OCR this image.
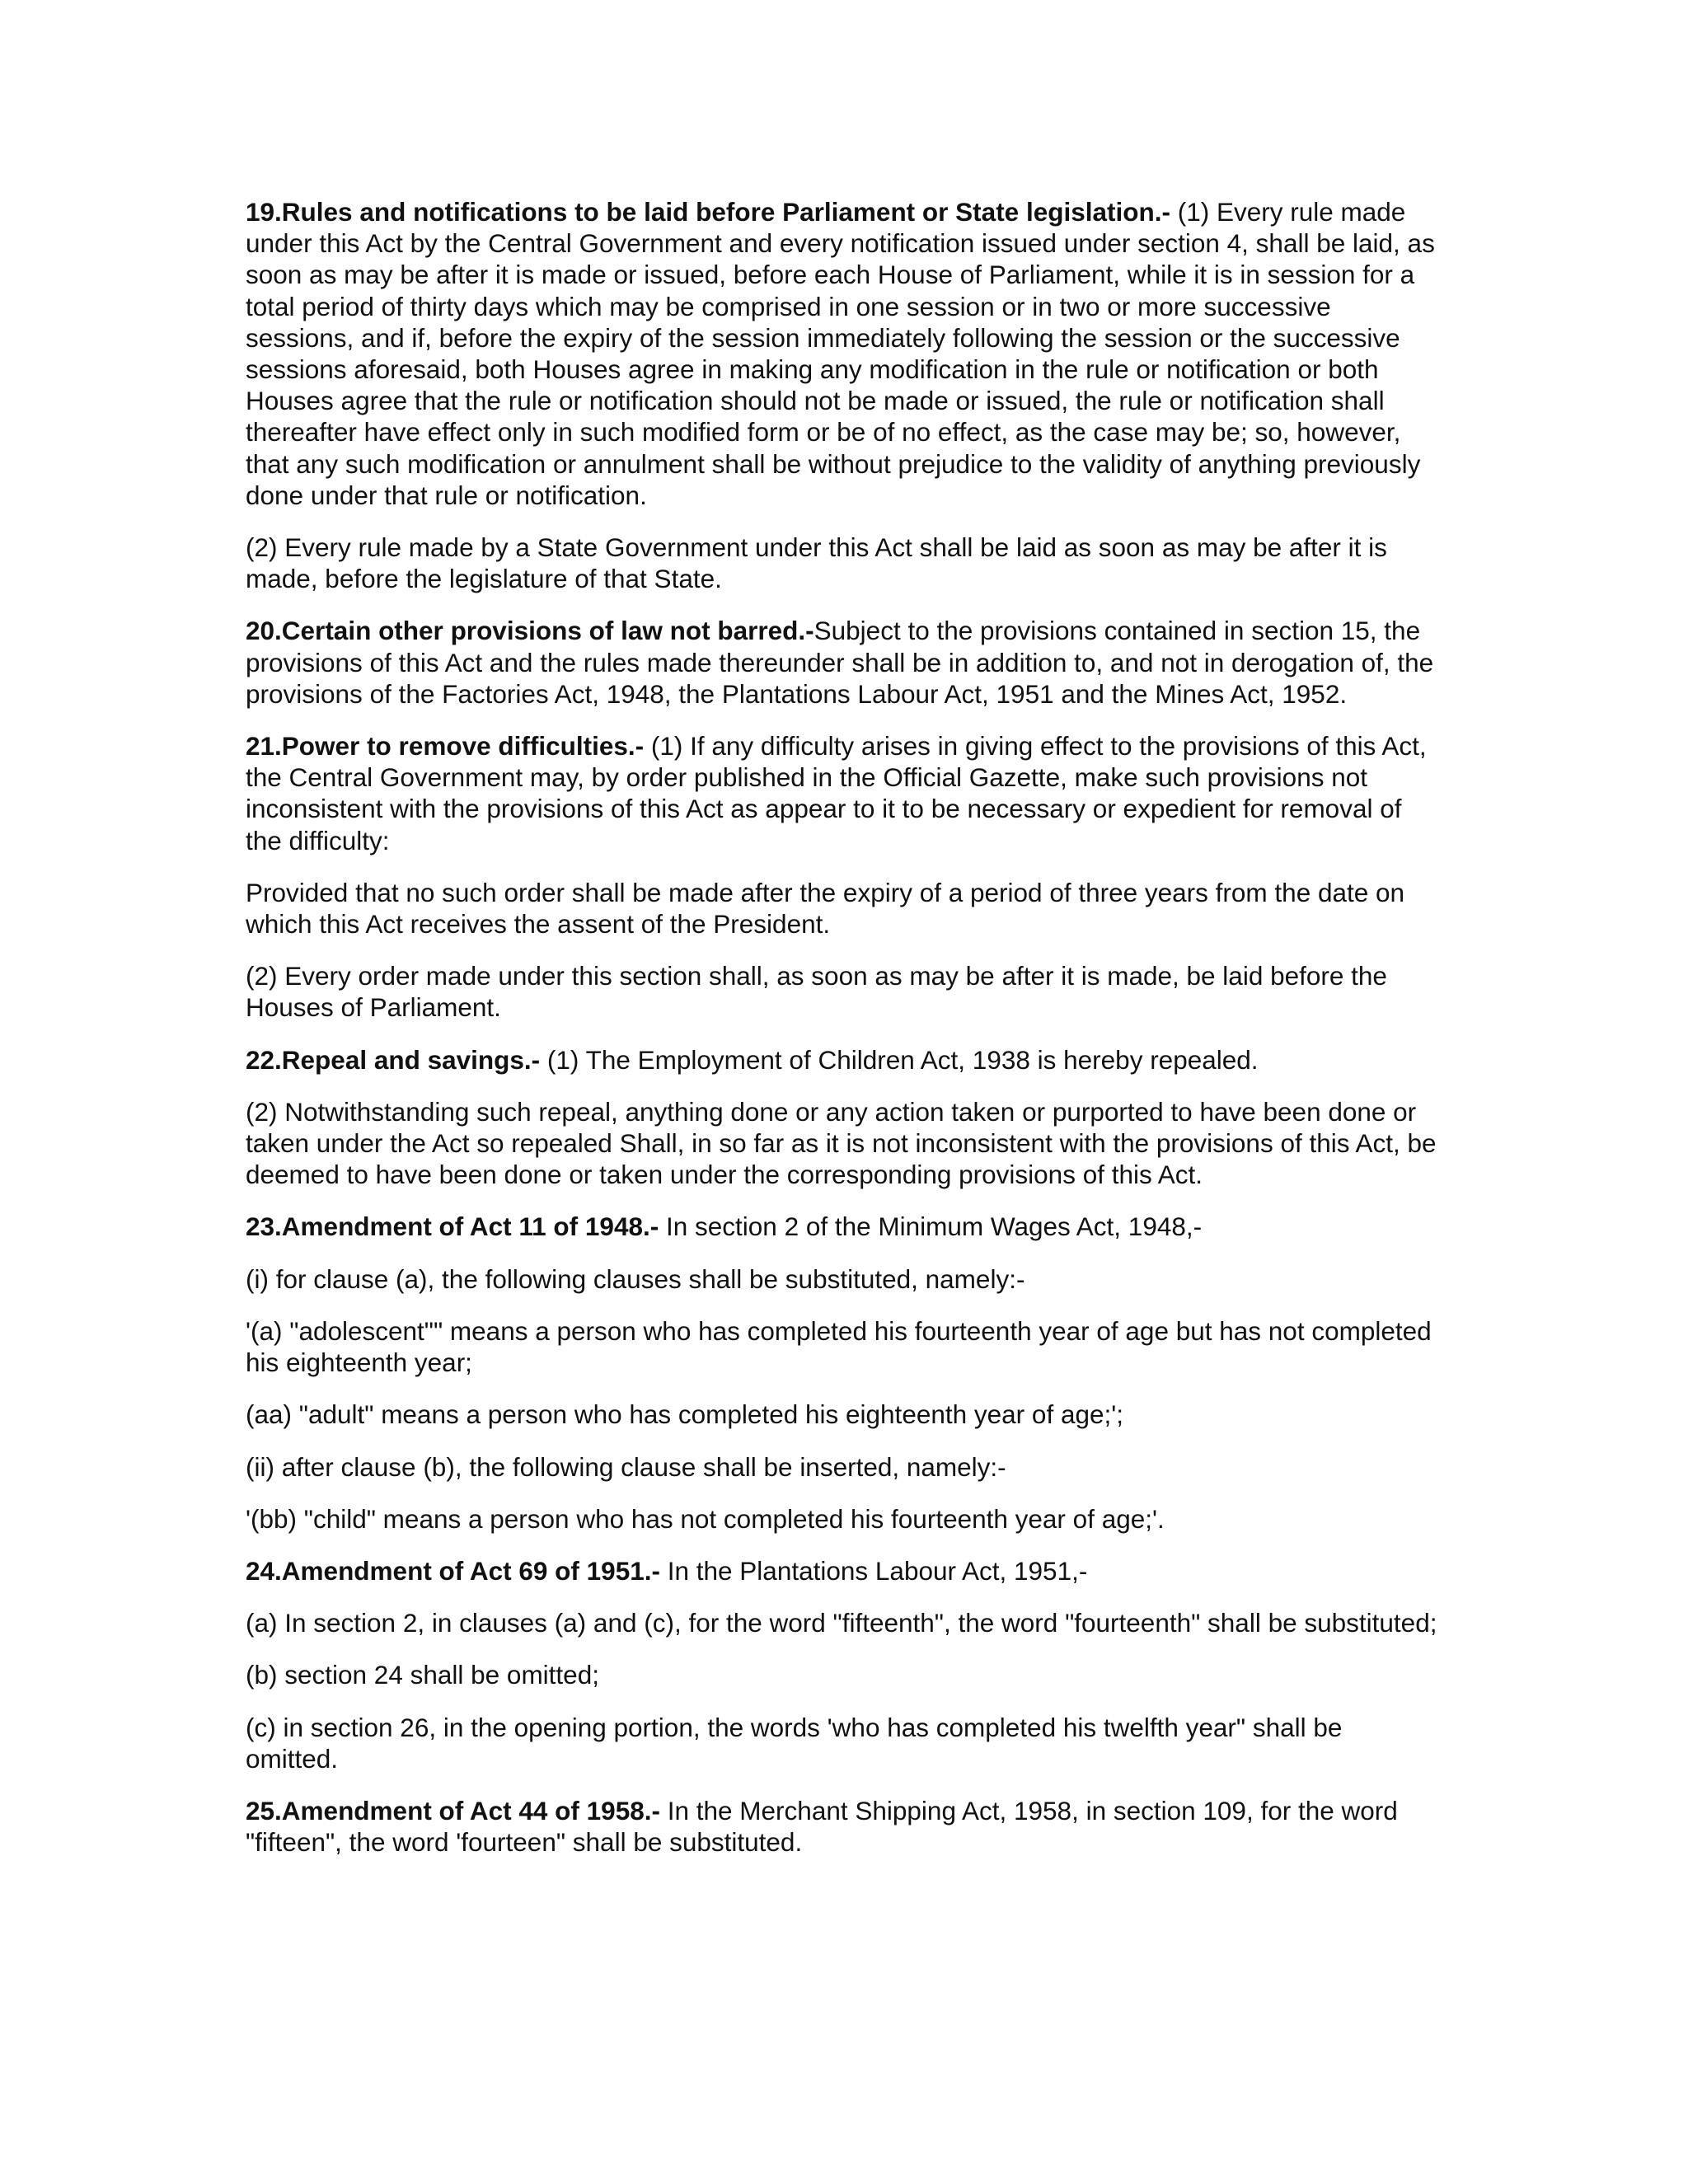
19.Rules and notifications to be laid before Parliament or State legislation.- (1) Every rule made under this Act by the Central Government and every notification issued under section 4, shall be laid, as soon as may be after it is made or issued, before each House of Parliament, while it is in session for a total period of thirty days which may be comprised in one session or in two or more successive sessions, and if, before the expiry of the session immediately following the session or the successive sessions aforesaid, both Houses agree in making any modification in the rule or notification or both Houses agree that the rule or notification should not be made or issued, the rule or notification shall thereafter have effect only in such modified form or be of no effect, as the case may be; so, however, that any such modification or annulment shall be without prejudice to the validity of anything previously done under that rule or notification.

(2) Every rule made by a State Government under this Act shall be laid as soon as may be after it is made, before the legislature of that State.

20.Certain other provisions of law not barred.-Subject to the provisions contained in section 15, the provisions of this Act and the rules made thereunder shall be in addition to, and not in derogation of, the provisions of the Factories Act, 1948, the Plantations Labour Act, 1951 and the Mines Act, 1952.

21.Power to remove difficulties.- (1) If any difficulty arises in giving effect to the provisions of this Act, the Central Government may, by order published in the Official Gazette, make such provisions not inconsistent with the provisions of this Act as appear to it to be necessary or expedient for removal of the difficulty:

Provided that no such order shall be made after the expiry of a period of three years from the date on which this Act receives the assent of the President.

(2) Every order made under this section shall, as soon as may be after it is made, be laid before the Houses of Parliament.

22.Repeal and savings.- (1) The Employment of Children Act, 1938 is hereby repealed.

(2) Notwithstanding such repeal, anything done or any action taken or purported to have been done or taken under the Act so repealed Shall, in so far as it is not inconsistent with the provisions of this Act, be deemed to have been done or taken under the corresponding provisions of this Act.

23.Amendment of Act 11 of 1948.- In section 2 of the Minimum Wages Act, 1948,-

(i) for clause (a), the following clauses shall be substituted, namely:-

'(a) "adolescent"" means a person who has completed his fourteenth year of age but has not completed his eighteenth year;

(aa) "adult" means a person who has completed his eighteenth year of age;';

(ii) after clause (b), the following clause shall be inserted, namely:-

'(bb) "child" means a person who has not completed his fourteenth year of age;'.

24.Amendment of Act 69 of 1951.- In the Plantations Labour Act, 1951,-

(a) In section 2, in clauses (a) and (c), for the word "fifteenth", the word "fourteenth" shall be substituted;

(b) section 24 shall be omitted;

(c) in section 26, in the opening portion, the words 'who has completed his twelfth year" shall be omitted.

25.Amendment of Act 44 of 1958.- In the Merchant Shipping Act, 1958, in section 109, for the word "fifteen", the word 'fourteen" shall be substituted.
